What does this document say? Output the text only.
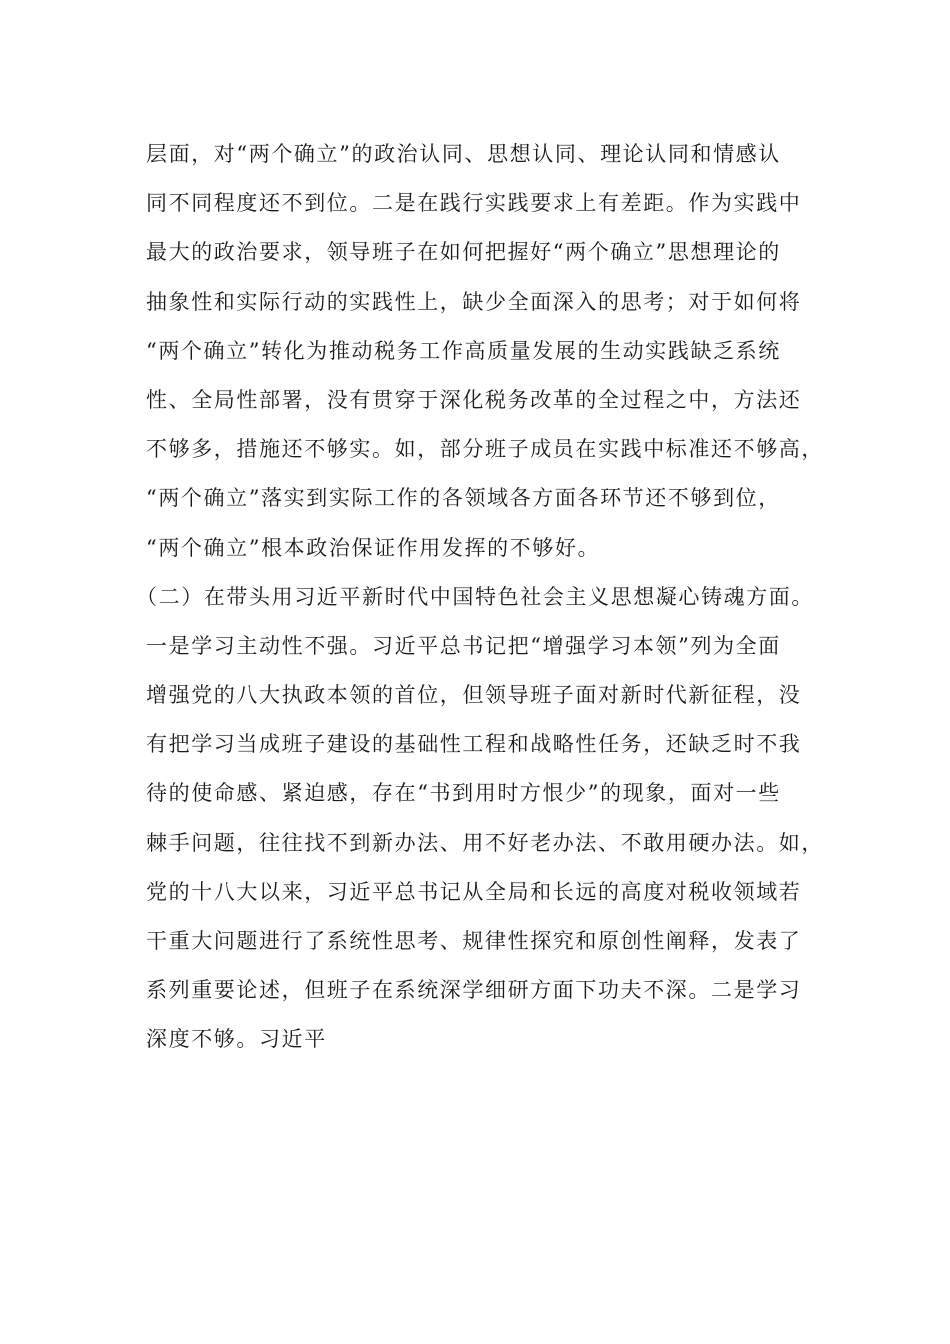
层面，对“两个确立”的政治认同、思想认同、理论认同和情感认
同不同程度还不到位。二是在践行实践要求上有差距。作为实践中
最大的政治要求，领导班子在如何把握好“两个确立”思想理论的
抽象性和实际行动的实践性上，缺少全面深入的思考；对于如何将
“两个确立”转化为推动税务工作高质量发展的生动实践缺乏系统
性、全局性部署，没有贯穿于深化税务改革的全过程之中，方法还
不够多，措施还不够实。如，部分班子成员在实践中标准还不够高，
“两个确立”落实到实际工作的各领域各方面各环节还不够到位，
“两个确立”根本政治保证作用发挥的不够好。
（二）在带头用习近平新时代中国特色社会主义思想凝心铸魂方面。
一是学习主动性不强。习近平总书记把“增强学习本领”列为全面
增强党的八大执政本领的首位，但领导班子面对新时代新征程，没
有把学习当成班子建设的基础性工程和战略性任务，还缺乏时不我
待的使命感、紧迫感，存在“书到用时方恨少”的现象，面对一些
棘手问题，往往找不到新办法、用不好老办法、不敢用硬办法。如，
党的十八大以来，习近平总书记从全局和长远的高度对税收领域若
干重大问题进行了系统性思考、规律性探究和原创性阐释，发表了
系列重要论述，但班子在系统深学细研方面下功夫不深。二是学习
深度不够。习近平
